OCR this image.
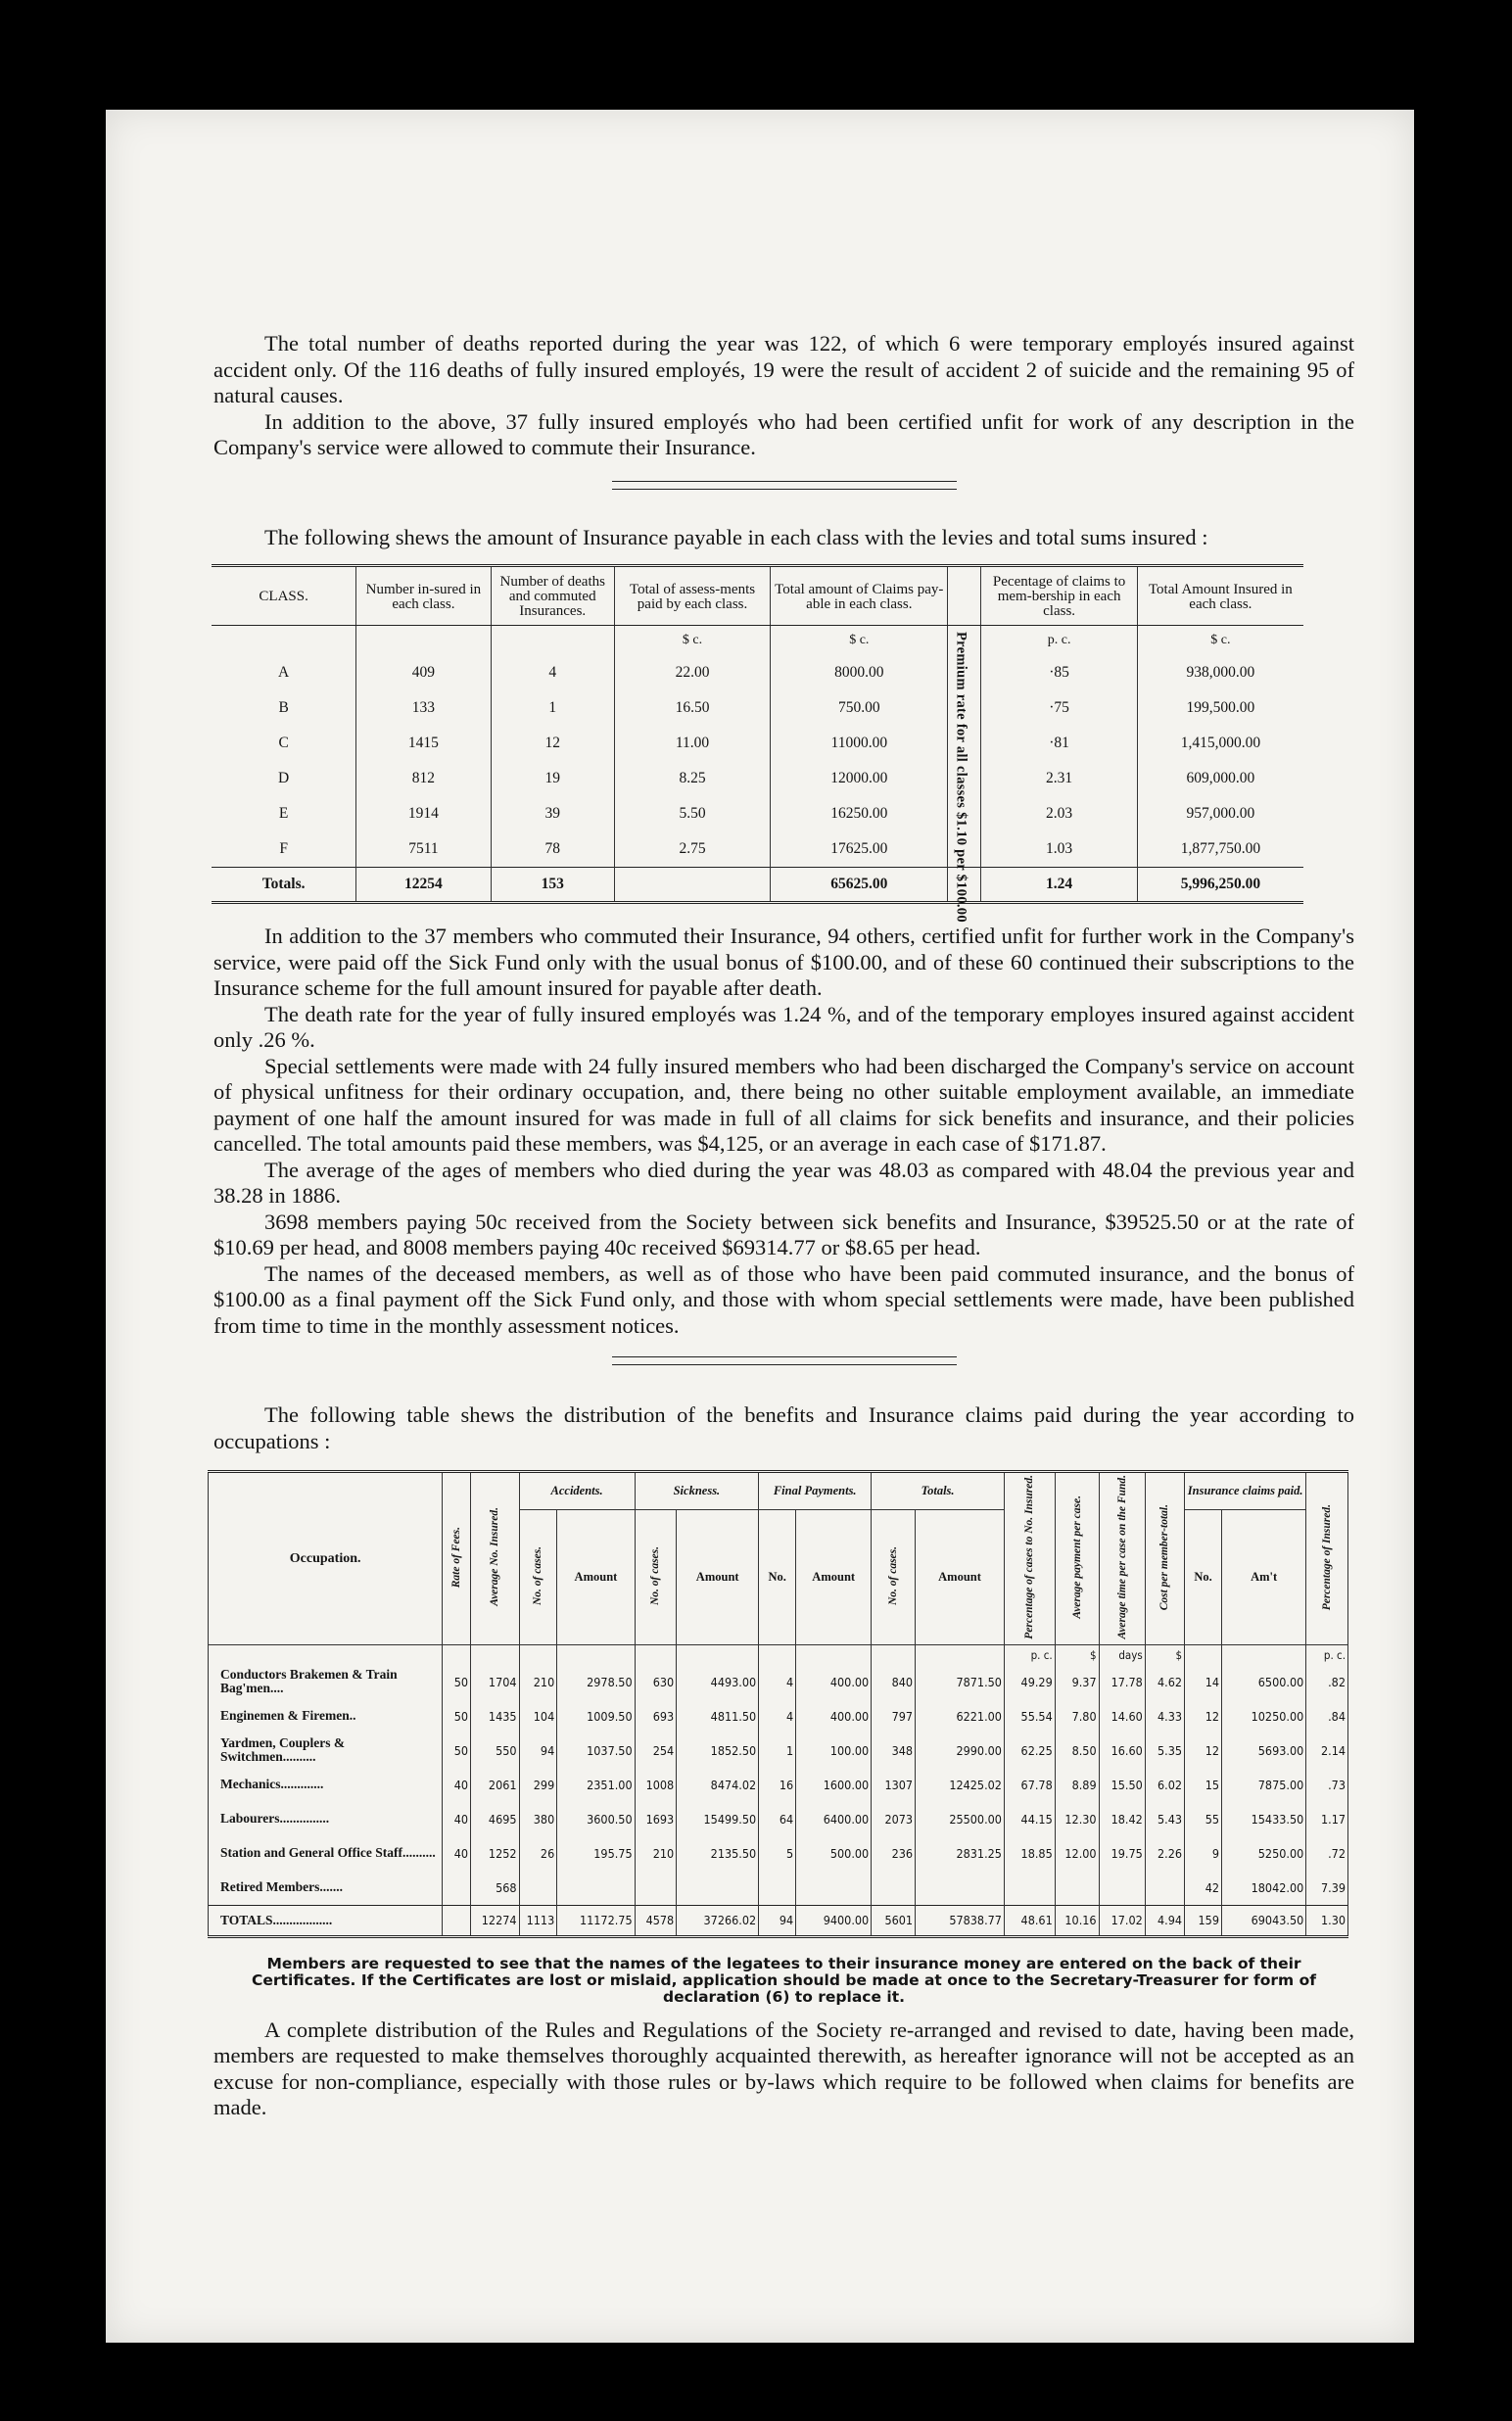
The total number of deaths reported during the year was 122, of which 6 were temporary employés insured against accident only. Of the 116 deaths of fully insured employés, 19 were the result of accident 2 of suicide and the remaining 95 of natural causes.

In addition to the above, 37 fully insured employés who had been certified unfit for work of any description in the Company's service were allowed to commute their Insurance.

The following shews the amount of Insurance payable in each class with the levies and total sums insured :

CLASS.	Number in-sured in each class.	Number of deaths and commuted Insurances.	Total of assess-ments paid by each class.	Total amount of Claims pay-able in each class.		Pecentage of claims to mem-bership in each class.	Total Amount Insured in each class.
			$ c.	$ c.	Premium rate for all classes $1.10 per $100.00	p. c.	$ c.
A	409	4	22.00	8000.00		·85	938,000.00
B	133	1	16.50	750.00		·75	199,500.00
C	1415	12	11.00	11000.00		·81	1,415,000.00
D	812	19	8.25	12000.00		2.31	609,000.00
E	1914	39	5.50	16250.00		2.03	957,000.00
F	7511	78	2.75	17625.00		1.03	1,877,750.00
Totals.	12254	153		65625.00		1.24	5,996,250.00

In addition to the 37 members who commuted their Insurance, 94 others, certified unfit for further work in the Company's service, were paid off the Sick Fund only with the usual bonus of $100.00, and of these 60 continued their subscriptions to the Insurance scheme for the full amount insured for payable after death.

The death rate for the year of fully insured employés was 1.24 %, and of the temporary employes insured against accident only .26 %.

Special settlements were made with 24 fully insured members who had been discharged the Company's service on account of physical unfitness for their ordinary occupation, and, there being no other suitable employment available, an immediate payment of one half the amount insured for was made in full of all claims for sick benefits and insurance, and their policies cancelled. The total amounts paid these members, was $4,125, or an average in each case of $171.87.

The average of the ages of members who died during the year was 48.03 as compared with 48.04 the previous year and 38.28 in 1886.

3698 members paying 50c received from the Society between sick benefits and Insurance, $39525.50 or at the rate of $10.69 per head, and 8008 members paying 40c received $69314.77 or $8.65 per head.

The names of the deceased members, as well as of those who have been paid commuted insurance, and the bonus of $100.00 as a final payment off the Sick Fund only, and those with whom special settlements were made, have been published from time to time in the monthly assessment notices.

The following table shews the distribution of the benefits and Insurance claims paid during the year according to occupations :

Occupation.	Rate of Fees.	Average No. Insured.	Accidents.		Sickness.		Final Payments.		Totals.		Percentage of cases to No. Insured.	Average payment per case.	Average time per case on the Fund.	Cost per member-total.	Insurance claims paid.		Percentage of Insured.
			No. of cases.	Amount	No. of cases.	Amount	No.	Amount	No. of cases.	Amount					No.	Am't	
											p. c.	$	days	$			p. c.
Conductors Brakemen & Train Bag'men....	50	1704	210	2978.50	630	4493.00	4	400.00	840	7871.50	49.29	9.37	17.78	4.62	14	6500.00	.82
Enginemen & Firemen..	50	1435	104	1009.50	693	4811.50	4	400.00	797	6221.00	55.54	7.80	14.60	4.33	12	10250.00	.84
Yardmen, Couplers & Switchmen..........	50	550	94	1037.50	254	1852.50	1	100.00	348	2990.00	62.25	8.50	16.60	5.35	12	5693.00	2.14
Mechanics.............	40	2061	299	2351.00	1008	8474.02	16	1600.00	1307	12425.02	67.78	8.89	15.50	6.02	15	7875.00	.73
Labourers...............	40	4695	380	3600.50	1693	15499.50	64	6400.00	2073	25500.00	44.15	12.30	18.42	5.43	55	15433.50	1.17
Station and General Office Staff..........	40	1252	26	195.75	210	2135.50	5	500.00	236	2831.25	18.85	12.00	19.75	2.26	9	5250.00	.72
Retired Members.......		568													42	18042.00	7.39
TOTALS..................		12274	1113	11172.75	4578	37266.02	94	9400.00	5601	57838.77	48.61	10.16	17.02	4.94	159	69043.50	1.30

Members are requested to see that the names of the legatees to their insurance money are entered on the back of their Certificates. If the Certificates are lost or mislaid, application should be made at once to the Secretary-Treasurer for form of declaration (6) to replace it.

A complete distribution of the Rules and Regulations of the Society re-arranged and revised to date, having been made, members are requested to make themselves thoroughly acquainted therewith, as hereafter ignorance will not be accepted as an excuse for non-compliance, especially with those rules or by-laws which require to be followed when claims for benefits are made.
